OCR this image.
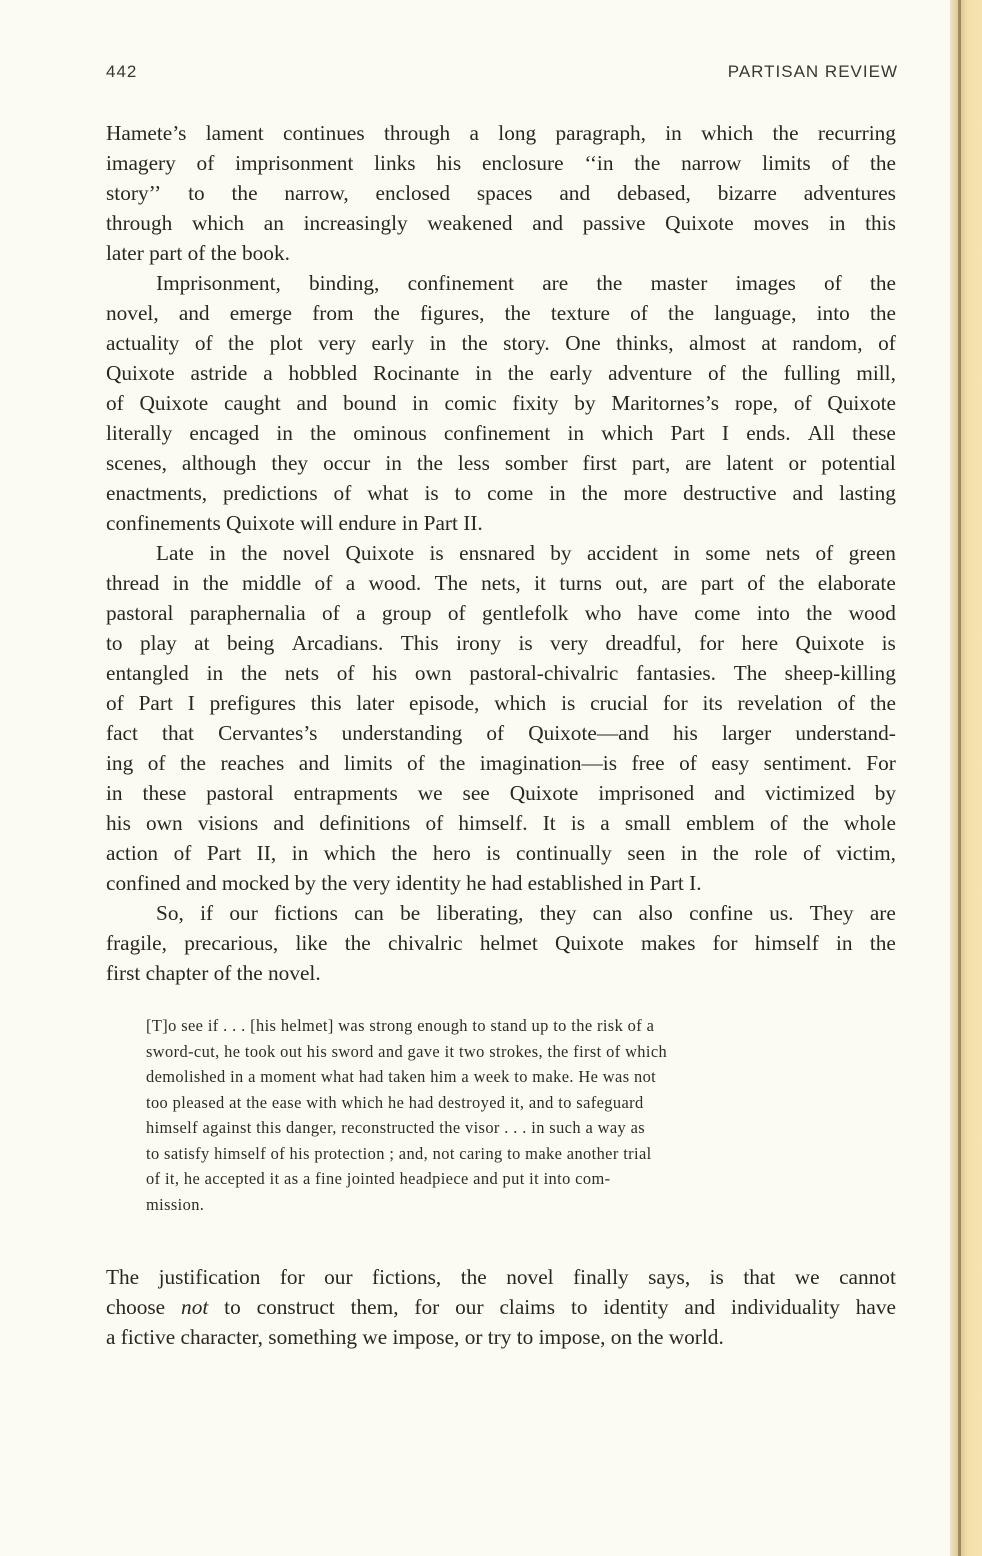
442	PARTISAN REVIEW
Hamete’s lament continues through a long paragraph, in which the recurring
imagery of imprisonment links his enclosure ‘‘in the narrow limits of the
story’’ to the narrow, enclosed spaces and debased, bizarre adventures
through which an increasingly weakened and passive Quixote moves in this
later part of the book.
Imprisonment, binding, confinement are the master images of the
novel, and emerge from the figures, the texture of the language, into the
actuality of the plot very early in the story. One thinks, almost at random, of
Quixote astride a hobbled Rocinante in the early adventure of the fulling mill,
of Quixote caught and bound in comic fixity by Maritornes’s rope, of Quixote
literally encaged in the ominous confinement in which Part I ends. All these
scenes, although they occur in the less somber first part, are latent or potential
enactments, predictions of what is to come in the more destructive and lasting
confinements Quixote will endure in Part II.
Late in the novel Quixote is ensnared by accident in some nets of green
thread in the middle of a wood. The nets, it turns out, are part of the elaborate
pastoral paraphernalia of a group of gentlefolk who have come into the wood
to play at being Arcadians. This irony is very dreadful, for here Quixote is
entangled in the nets of his own pastoral-chivalric fantasies. The sheep-killing
of Part I prefigures this later episode, which is crucial for its revelation of the
fact that Cervantes’s understanding of Quixote—and his larger understand-
ing of the reaches and limits of the imagination—is free of easy sentiment. For
in these pastoral entrapments we see Quixote imprisoned and victimized by
his own visions and definitions of himself. It is a small emblem of the whole
action of Part II, in which the hero is continually seen in the role of victim,
confined and mocked by the very identity he had established in Part I.
So, if our fictions can be liberating, they can also confine us. They are
fragile, precarious, like the chivalric helmet Quixote makes for himself in the
first chapter of the novel.
[T]o see if . . . [his helmet] was strong enough to stand up to the risk of a
sword-cut, he took out his sword and gave it two strokes, the first of which
demolished in a moment what had taken him a week to make. He was not
too pleased at the ease with which he had destroyed it, and to safeguard
himself against this danger, reconstructed the visor . . . in such a way as
to satisfy himself of his protection ; and, not caring to make another trial
of it, he accepted it as a fine jointed headpiece and put it into com-
mission.
The justification for our fictions, the novel finally says, is that we cannot
choose not to construct them, for our claims to identity and individuality have
a fictive character, something we impose, or try to impose, on the world.
